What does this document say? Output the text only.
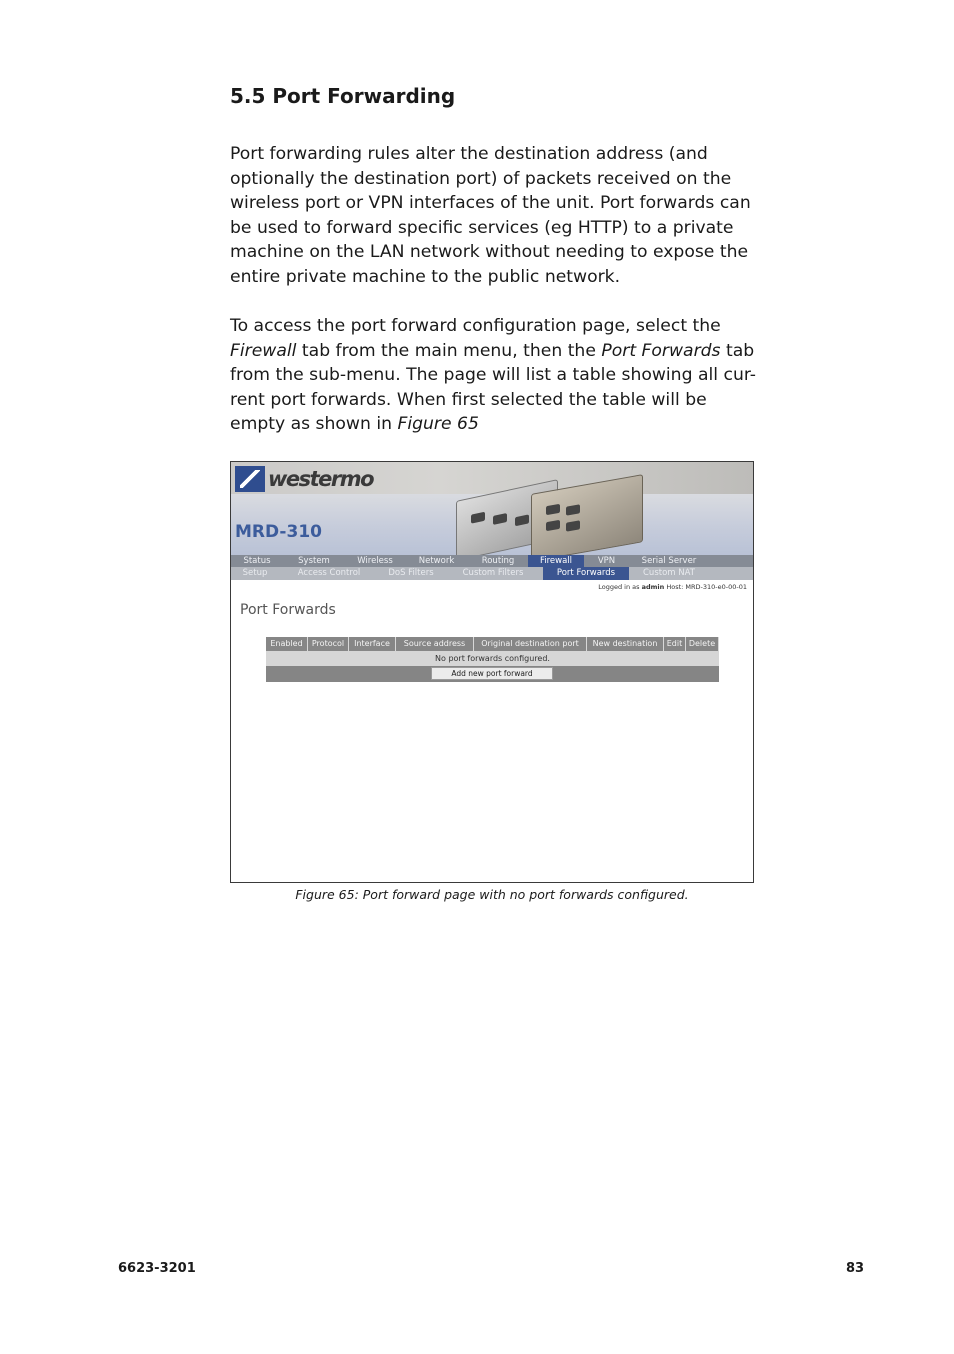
5.5 Port Forwarding

Port forwarding rules alter the destination address (and
optionally the destination port) of packets received on the
wireless port or VPN interfaces of the unit. Port forwards can
be used to forward specific services (eg HTTP) to a private
machine on the LAN network without needing to expose the
entire private machine to the public network.

To access the port forward configuration page, select the
Firewall tab from the main menu, then the Port Forwards tab
from the sub-menu. The page will list a table showing all cur-
rent port forwards. When first selected the table will be
empty as shown in Figure 65

westermo
MRD-310
Status	System	Wireless	Network	Routing	Firewall	VPN	Serial Server
Setup	Access Control	DoS Filters	Custom Filters	Port Forwards	Custom NAT
Logged in as admin Host: MRD-310-e0-00-01
Port Forwards
Enabled	Protocol	Interface	Source address	Original destination port	New destination	Edit Delete
No port forwards configured.
Add new port forward
Figure 65: Port forward page with no port forwards configured.
6623-3201	83
